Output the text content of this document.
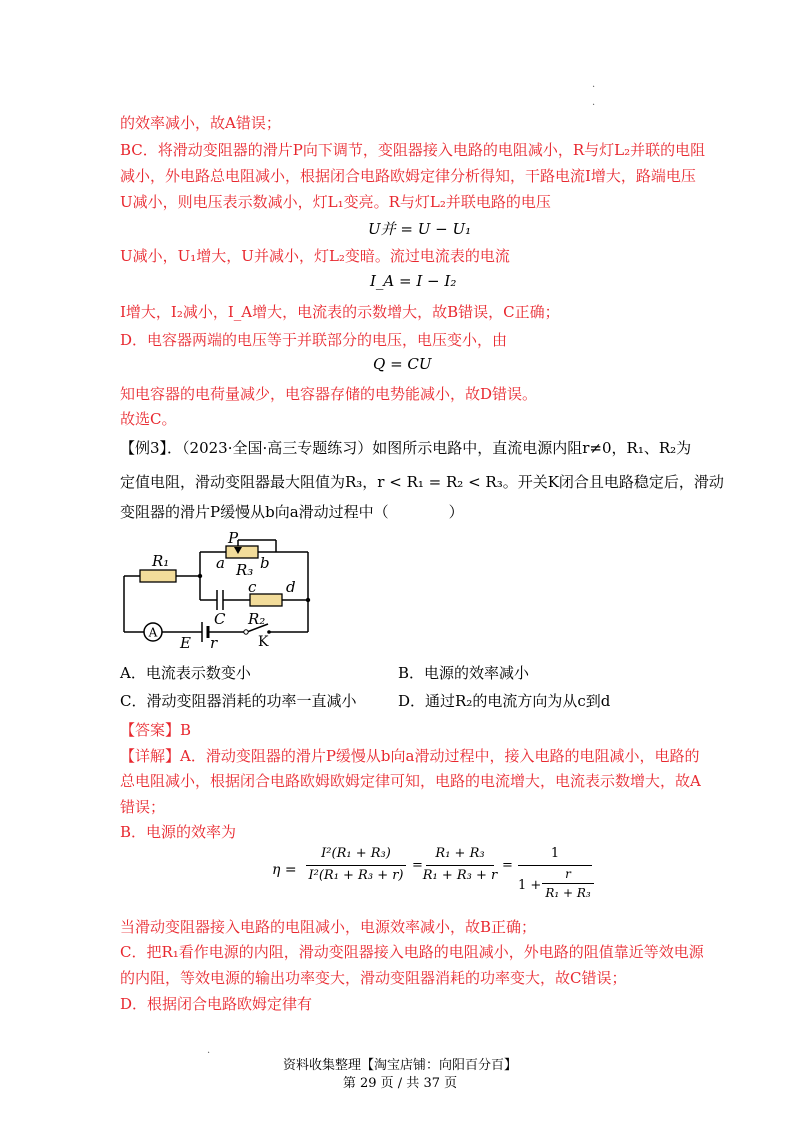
·
·
的效率减小，故A错误；
BC．将滑动变阻器的滑片P向下调节，变阻器接入电路的电阻减小，R与灯L₂并联的电阻
减小，外电路总电阻减小，根据闭合电路欧姆定律分析得知，干路电流I增大，路端电压
U减小，则电压表示数减小，灯L₁变亮。R与灯L₂并联电路的电压
U并 = U − U₁
U减小，U₁增大，U并减小，灯L₂变暗。流过电流表的电流
I_A = I − I₂
I增大，I₂减小，I_A增大，电流表的示数增大，故B错误，C正确；
D．电容器两端的电压等于并联部分的电压，电压变小，由
Q = CU
知电容器的电荷量减少，电容器存储的电势能减小，故D错误。
故选C。
【例3】．（2023·全国·高三专题练习）如图所示电路中，直流电源内阻r≠0，R₁、R₂为
定值电阻，滑动变阻器最大阻值为R₃，r < R₁ = R₂ < R₃。开关K闭合且电路稳定后，滑动
变阻器的滑片P缓慢从b向a滑动过程中（　　　　）
A
R₁
P
a R₃ b
c d
C R₂
E r	K
A．电流表示数变小	B．电源的效率减小
C．滑动变阻器消耗的功率一直减小	D．通过R₂的电流方向为从c到d
【答案】B
【详解】A．滑动变阻器的滑片P缓慢从b向a滑动过程中，接入电路的电阻减小，电路的
总电阻减小，根据闭合电路欧姆欧姆定律可知，电路的电流增大，电流表示数增大，故A
错误；
B．电源的效率为
η =
I²(R₁ + R₃)
I²(R₁ + R₃ + r)
=
R₁ + R₃
R₁ + R₃ + r
=
1
1 +
r
R₁ + R₃
当滑动变阻器接入电路的电阻减小，电源效率减小，故B正确；
C．把R₁看作电源的内阻，滑动变阻器接入电路的电阻减小，外电路的阻值靠近等效电源
的内阻，等效电源的输出功率变大，滑动变阻器消耗的功率变大，故C错误；
D．根据闭合电路欧姆定律有
·
资料收集整理【淘宝店铺：向阳百分百】
第 29 页 / 共 37 页
